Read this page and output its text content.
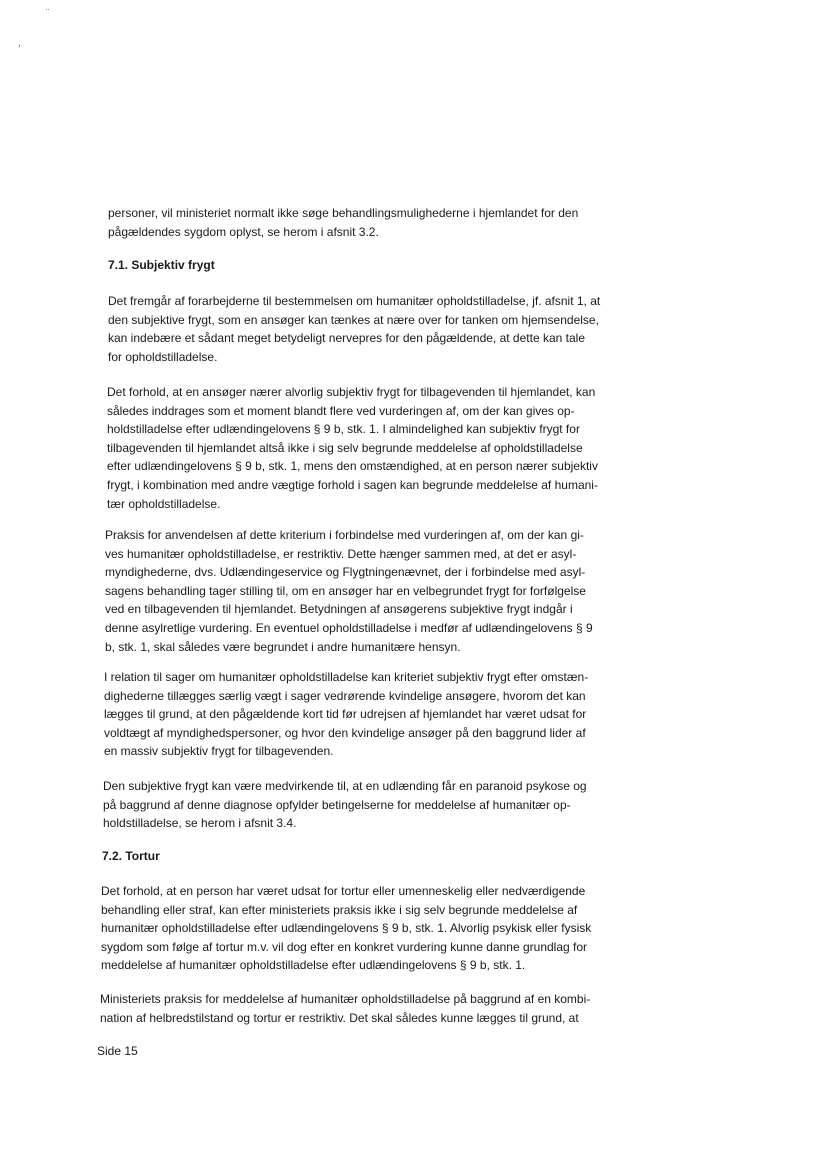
¨
,

personer, vil ministeriet normalt ikke søge behandlingsmulighederne i hjemlandet for den
pågældendes sygdom oplyst, se herom i afsnit 3.2.

7.1. Subjektiv frygt

Det fremgår af forarbejderne til bestemmelsen om humanitær opholdstilladelse, jf. afsnit 1, at
den subjektive frygt, som en ansøger kan tænkes at nære over for tanken om hjemsendelse,
kan indebære et sådant meget betydeligt nervepres for den pågældende, at dette kan tale
for opholdstilladelse.

Det forhold, at en ansøger nærer alvorlig subjektiv frygt for tilbagevenden til hjemlandet, kan
således inddrages som et moment blandt flere ved vurderingen af, om der kan gives op-
holdstilladelse efter udlændingelovens § 9 b, stk. 1. I almindelighed kan subjektiv frygt for
tilbagevenden til hjemlandet altså ikke i sig selv begrunde meddelelse af opholdstilladelse
efter udlændingelovens § 9 b, stk. 1, mens den omstændighed, at en person nærer subjektiv
frygt, i kombination med andre vægtige forhold i sagen kan begrunde meddelelse af humani-
tær opholdstilladelse.

Praksis for anvendelsen af dette kriterium i forbindelse med vurderingen af, om der kan gi-
ves humanitær opholdstilladelse, er restriktiv. Dette hænger sammen med, at det er asyl-
myndighederne, dvs. Udlændingeservice og Flygtningenævnet, der i forbindelse med asyl-
sagens behandling tager stilling til, om en ansøger har en velbegrundet frygt for forfølgelse
ved en tilbagevenden til hjemlandet. Betydningen af ansøgerens subjektive frygt indgår i
denne asylretlige vurdering. En eventuel opholdstilladelse i medfør af udlændingelovens § 9
b, stk. 1, skal således være begrundet i andre humanitære hensyn.

I relation til sager om humanitær opholdstilladelse kan kriteriet subjektiv frygt efter omstæn-
dighederne tillægges særlig vægt i sager vedrørende kvindelige ansøgere, hvorom det kan
lægges til grund, at den pågældende kort tid før udrejsen af hjemlandet har været udsat for
voldtægt af myndighedspersoner, og hvor den kvindelige ansøger på den baggrund lider af
en massiv subjektiv frygt for tilbagevenden.

Den subjektive frygt kan være medvirkende til, at en udlænding får en paranoid psykose og
på baggrund af denne diagnose opfylder betingelserne for meddelelse af humanitær op-
holdstilladelse, se herom i afsnit 3.4.

7.2. Tortur

Det forhold, at en person har været udsat for tortur eller umenneskelig eller nedværdigende
behandling eller straf, kan efter ministeriets praksis ikke i sig selv begrunde meddelelse af
humanitær opholdstilladelse efter udlændingelovens § 9 b, stk. 1. Alvorlig psykisk eller fysisk
sygdom som følge af tortur m.v. vil dog efter en konkret vurdering kunne danne grundlag for
meddelelse af humanitær opholdstilladelse efter udlændingelovens § 9 b, stk. 1.

Ministeriets praksis for meddelelse af humanitær opholdstilladelse på baggrund af en kombi-
nation af helbredstilstand og tortur er restriktiv. Det skal således kunne lægges til grund, at

Side 15
